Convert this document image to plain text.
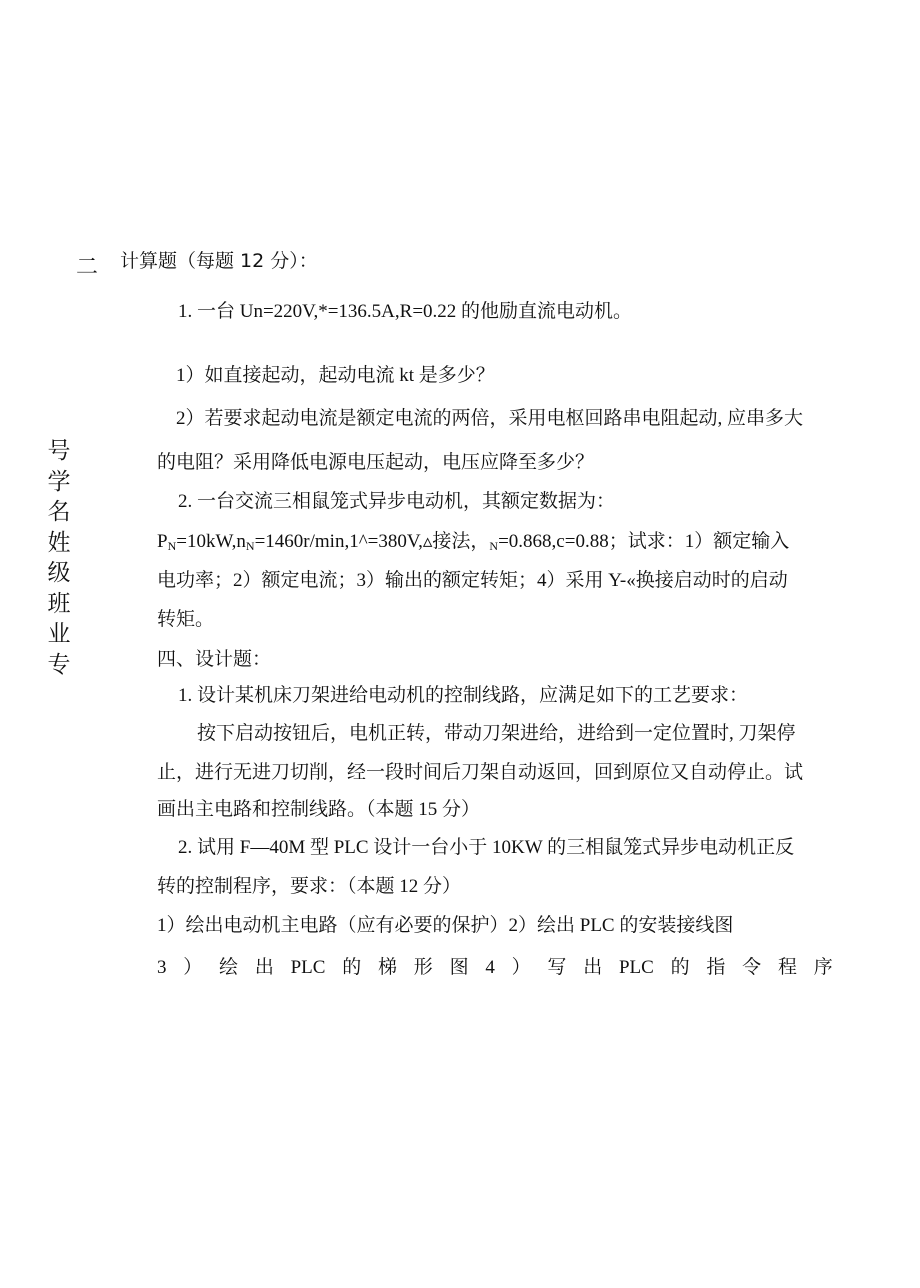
二
号学名姓级班业专
计算题（每题 12 分）：
1. 一台 Un=220V,*=136.5A,R=0.22 的他励直流电动机。
1）如直接起动，起动电流 kt 是多少？
2）若要求起动电流是额定电流的两倍，采用电枢回路串电阻起动, 应串多大
的电阻？采用降低电源电压起动，电压应降至多少？
2. 一台交流三相鼠笼式异步电动机，其额定数据为：
$P_N=10kW,n_N=1460r/\min,1\^{}=380V,▵$接法，$_N$=0.868,c=0.88；试求：1）额定输入
电功率；2）额定电流；3）输出的额定转矩；4）采用 Y-«换接启动时的启动
转矩。
四、设计题：
1. 设计某机床刀架进给电动机的控制线路，应满足如下的工艺要求：
按下启动按钮后，电机正转，带动刀架进给，进给到一定位置时, 刀架停
止，进行无进刀切削，经一段时间后刀架自动返回，回到原位又自动停止。试
画出主电路和控制线路。（本题 15 分）
2. 试用 F—40M 型 PLC 设计一台小于 10KW 的三相鼠笼式异步电动机正反
转的控制程序，要求：（本题 12 分）
1）绘出电动机主电路（应有必要的保护）2）绘出 PLC 的安装接线图
3 ） 绘 出 PLC 的 梯 形 图 4 ） 写 出 PLC 的 指 令 程 序
